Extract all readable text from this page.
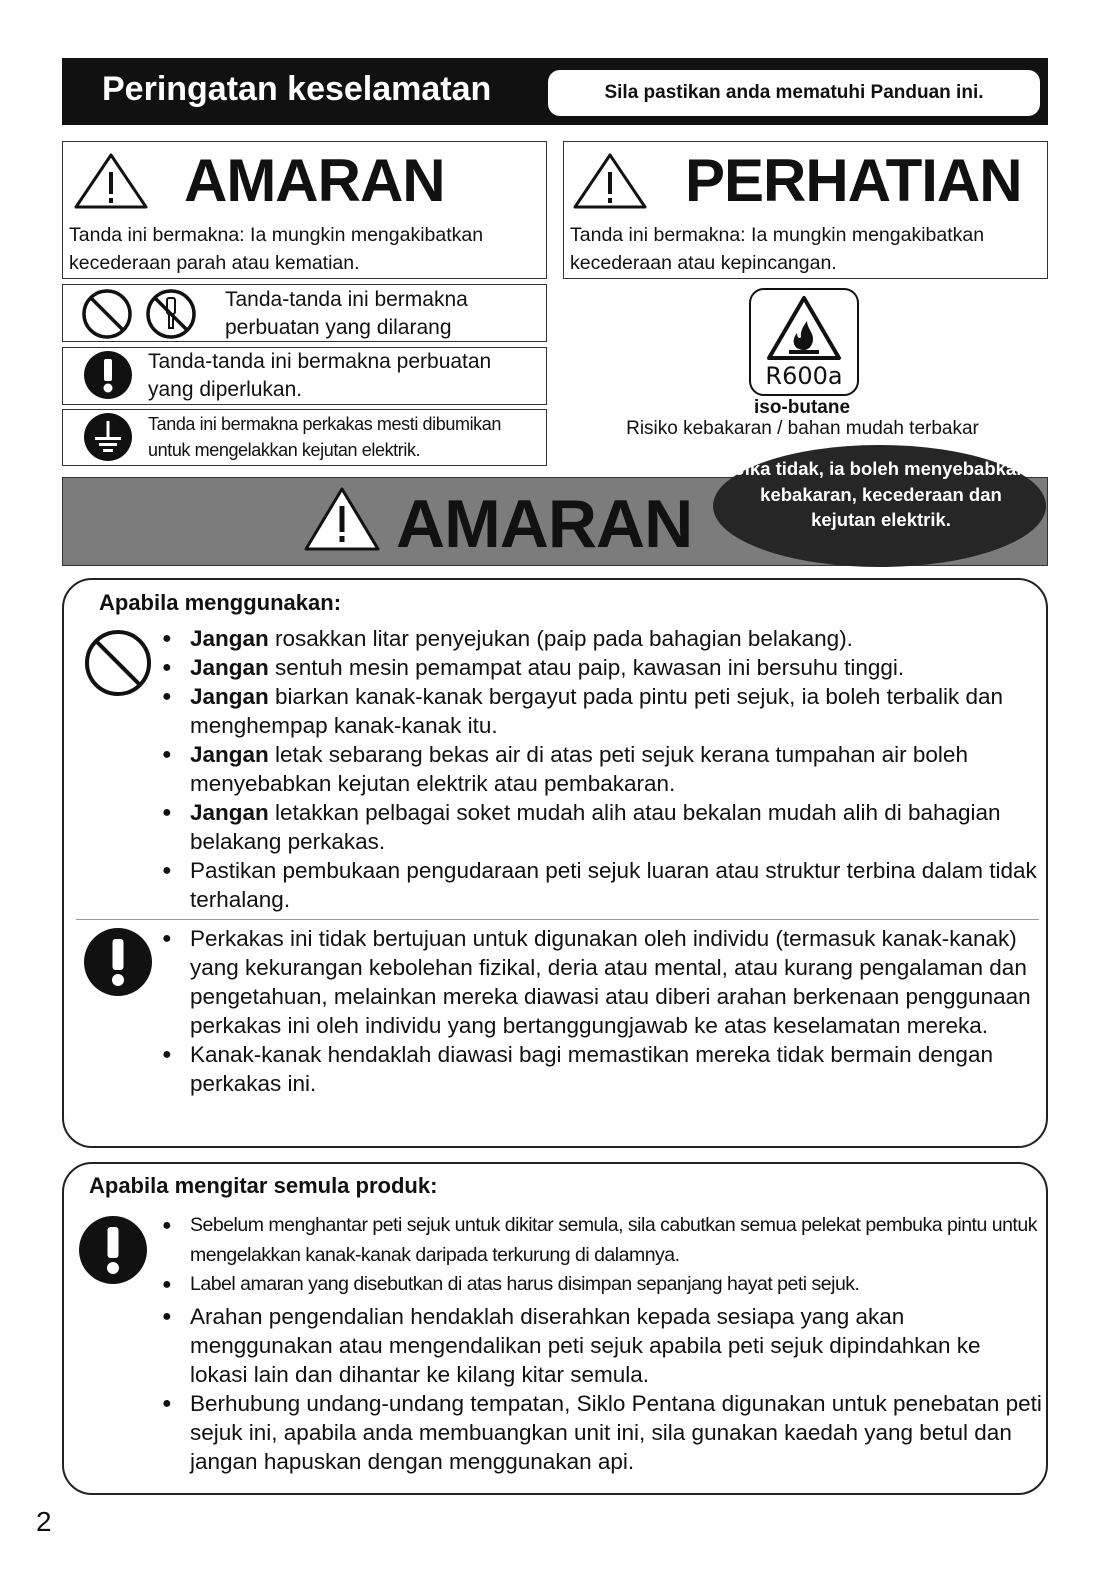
Peringatan keselamatan	Sila pastikan anda mematuhi Panduan ini.
AMARAN
Tanda ini bermakna: Ia mungkin mengakibatkan
kecederaan parah atau kematian.
PERHATIAN
Tanda ini bermakna: Ia mungkin mengakibatkan
kecederaan atau kepincangan.
Tanda-tanda ini bermakna
perbuatan yang dilarang
Tanda-tanda ini bermakna perbuatan
yang diperlukan.
Tanda ini bermakna perkakas mesti dibumikan
untuk mengelakkan kejutan elektrik.
R600a
iso-butane
Risiko kebakaran / bahan mudah terbakar
AMARAN
Jika tidak, ia boleh menyebabkan kebakaran, kecederaan dan kejutan elektrik.
Apabila menggunakan:
● Jangan rosakkan litar penyejukan (paip pada bahagian belakang).
● Jangan sentuh mesin pemampat atau paip, kawasan ini bersuhu tinggi.
● Jangan biarkan kanak-kanak bergayut pada pintu peti sejuk, ia boleh terbalik dan menghempap kanak-kanak itu.
● Jangan letak sebarang bekas air di atas peti sejuk kerana tumpahan air boleh menyebabkan kejutan elektrik atau pembakaran.
● Jangan letakkan pelbagai soket mudah alih atau bekalan mudah alih di bahagian belakang perkakas.
● Pastikan pembukaan pengudaraan peti sejuk luaran atau struktur terbina dalam tidak terhalang.
● Perkakas ini tidak bertujuan untuk digunakan oleh individu (termasuk kanak-kanak) yang kekurangan kebolehan fizikal, deria atau mental, atau kurang pengalaman dan pengetahuan, melainkan mereka diawasi atau diberi arahan berkenaan penggunaan perkakas ini oleh individu yang bertanggungjawab ke atas keselamatan mereka.
● Kanak-kanak hendaklah diawasi bagi memastikan mereka tidak bermain dengan perkakas ini.
Apabila mengitar semula produk:
● Sebelum menghantar peti sejuk untuk dikitar semula, sila cabutkan semua pelekat pembuka pintu untuk mengelakkan kanak-kanak daripada terkurung di dalamnya.
● Label amaran yang disebutkan di atas harus disimpan sepanjang hayat peti sejuk.
● Arahan pengendalian hendaklah diserahkan kepada sesiapa yang akan menggunakan atau mengendalikan peti sejuk apabila peti sejuk dipindahkan ke lokasi lain dan dihantar ke kilang kitar semula.
● Berhubung undang-undang tempatan, Siklo Pentana digunakan untuk penebatan peti sejuk ini, apabila anda membuangkan unit ini, sila gunakan kaedah yang betul dan jangan hapuskan dengan menggunakan api.
2
